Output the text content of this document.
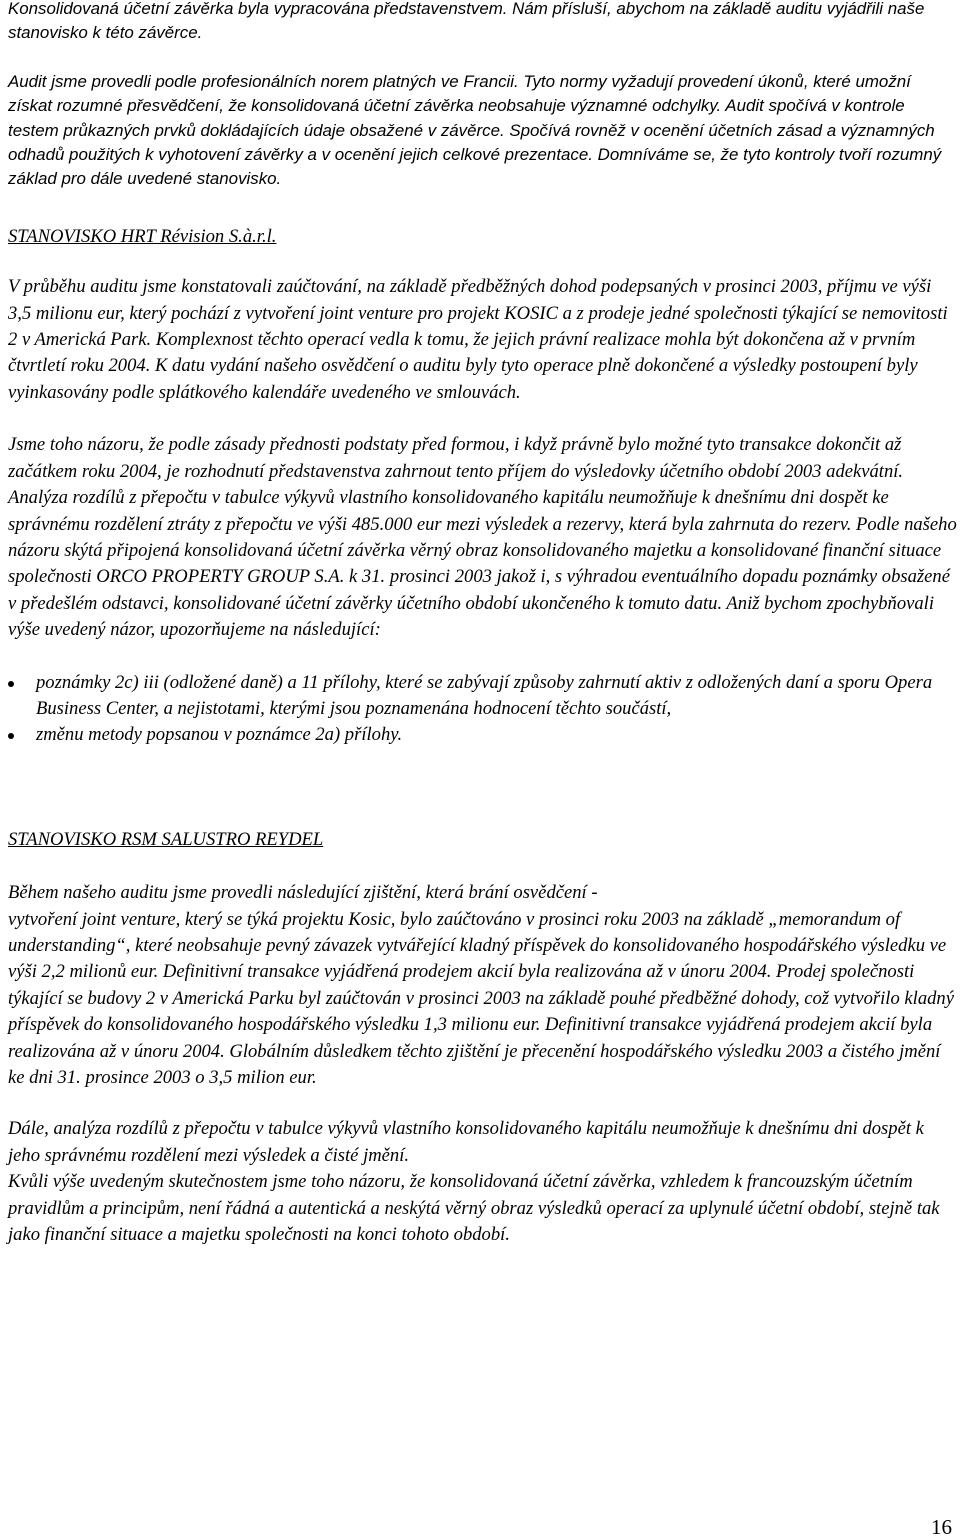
Konsolidovaná účetní závěrka byla vypracována představenstvem. Nám přísluší, abychom na základě auditu vyjádřili naše stanovisko k této závěrce.

Audit jsme provedli podle profesionálních norem platných ve Francii. Tyto normy vyžadují provedení úkonů, které umožní získat rozumné přesvědčení, že konsolidovaná účetní závěrka neobsahuje významné odchylky. Audit spočívá v kontrole testem průkazných prvků dokládajících údaje obsažené v závěrce. Spočívá rovněž v ocenění účetních zásad a významných odhadů použitých k vyhotovení závěrky a v ocenění jejich celkové prezentace. Domníváme se, že tyto kontroly tvoří rozumný základ pro dále uvedené stanovisko.

STANOVISKO HRT Révision S.à.r.l.

V průběhu auditu jsme konstatovali zaúčtování, na základě předběžných dohod podepsaných v prosinci 2003, příjmu ve výši 3,5 milionu eur, který pochází z vytvoření joint venture pro projekt KOSIC a z prodeje jedné společnosti týkající se nemovitosti 2 v Americká Park. Komplexnost těchto operací vedla k tomu, že jejich právní realizace mohla být dokončena až v prvním čtvrtletí roku 2004. K datu vydání našeho osvědčení o auditu byly tyto operace plně dokončené a výsledky postoupení byly vyinkasovány podle splátkového kalendáře uvedeného ve smlouvách.

Jsme toho názoru, že podle zásady přednosti podstaty před formou, i když právně bylo možné tyto transakce dokončit až začátkem roku 2004, je rozhodnutí představenstva zahrnout tento příjem do výsledovky účetního období 2003 adekvátní. Analýza rozdílů z přepočtu v tabulce výkyvů vlastního konsolidovaného kapitálu neumožňuje k dnešnímu dni dospět ke správnému rozdělení ztráty z přepočtu ve výši 485.000 eur mezi výsledek a rezervy, která byla zahrnuta do rezerv. Podle našeho názoru skýtá připojená konsolidovaná účetní závěrka věrný obraz konsolidovaného majetku a konsolidované finanční situace společnosti ORCO PROPERTY GROUP S.A. k 31. prosinci 2003 jakož i, s výhradou eventuálního dopadu poznámky obsažené v předešlém odstavci, konsolidované účetní závěrky účetního období ukončeného k tomuto datu. Aniž bychom zpochybňovali výše uvedený názor, upozorňujeme na následující:

poznámky 2c) iii (odložené daně) a 11 přílohy, které se zabývají způsoby zahrnutí aktiv z odložených daní a sporu Opera Business Center, a nejistotami, kterými jsou poznamenána hodnocení těchto součástí,
změnu metody popsanou v poznámce 2a) přílohy.

STANOVISKO RSM SALUSTRO REYDEL

Během našeho auditu jsme provedli následující zjištění, která brání osvědčení -
vytvoření joint venture, který se týká projektu Kosic, bylo zaúčtováno v prosinci roku 2003 na základě „memorandum of understanding“, které neobsahuje pevný závazek vytvářející kladný příspěvek do konsolidovaného hospodářského výsledku ve výši 2,2 milionů eur. Definitivní transakce vyjádřená prodejem akcií byla realizována až v únoru 2004. Prodej společnosti týkající se budovy 2 v Americká Parku byl zaúčtován v prosinci 2003 na základě pouhé předběžné dohody, což vytvořilo kladný příspěvek do konsolidovaného hospodářského výsledku 1,3 milionu eur. Definitivní transakce vyjádřená prodejem akcií byla realizována až v únoru 2004. Globálním důsledkem těchto zjištění je přecenění hospodářského výsledku 2003 a čistého jmění ke dni 31. prosince 2003 o 3,5 milion eur.
Dále, analýza rozdílů z přepočtu v tabulce výkyvů vlastního konsolidovaného kapitálu neumožňuje k dnešnímu dni dospět k jeho správnému rozdělení mezi výsledek a čisté jmění.
Kvůli výše uvedeným skutečnostem jsme toho názoru, že konsolidovaná účetní závěrka, vzhledem k francouzským účetním pravidlům a principům, není řádná a autentická a neskýtá věrný obraz výsledků operací za uplynulé účetní období, stejně tak jako finanční situace a majetku společnosti na konci tohoto období.
16
